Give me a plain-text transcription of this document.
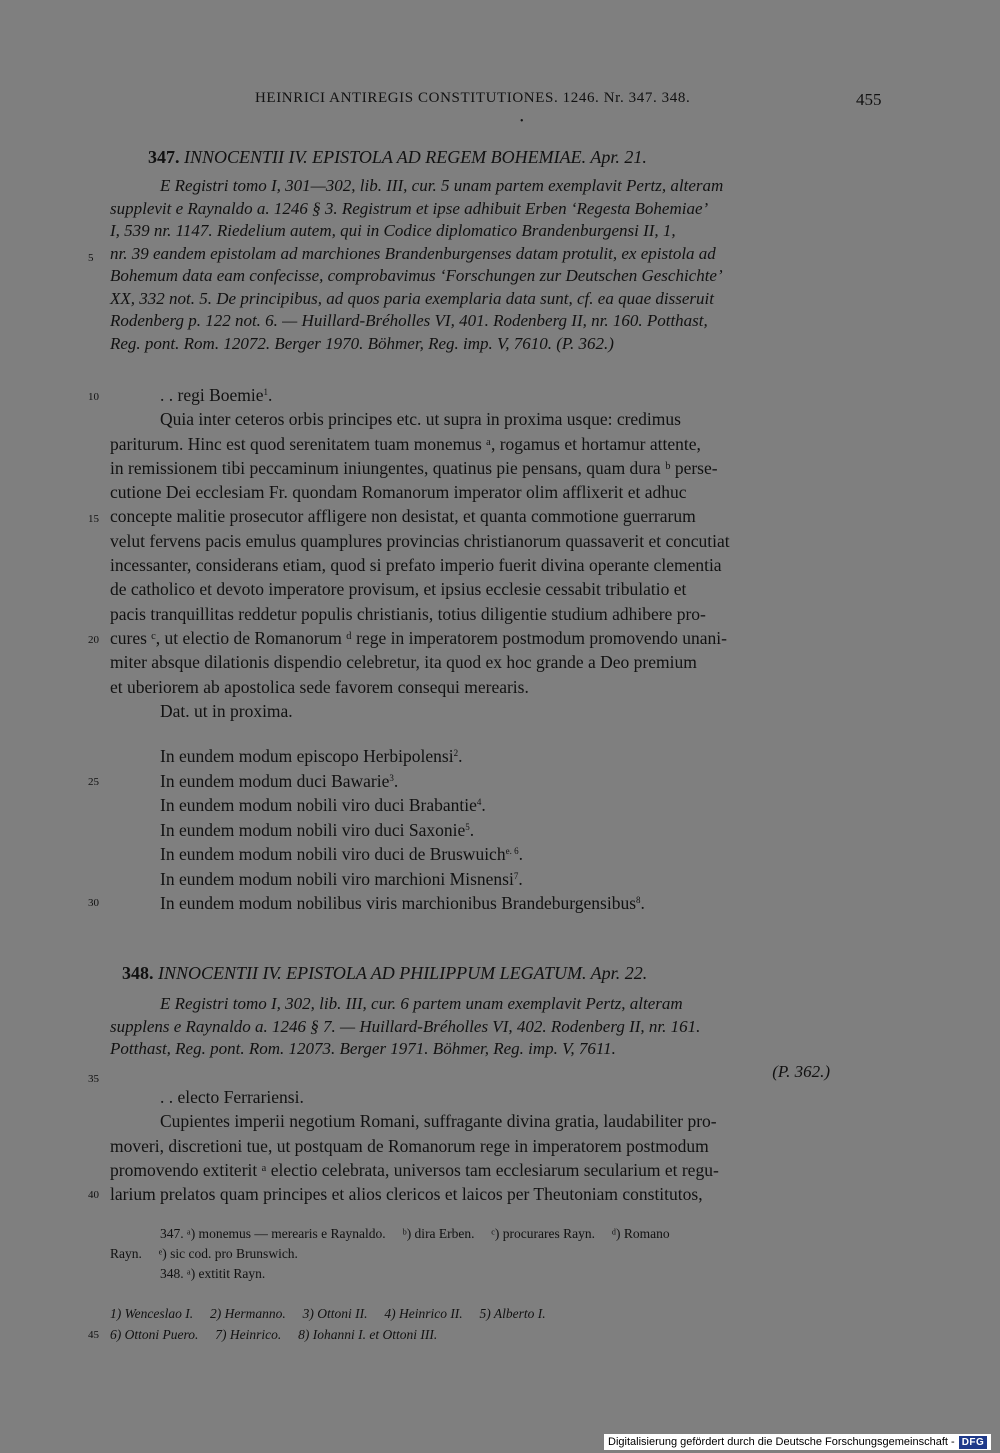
HEINRICI ANTIREGIS CONSTITUTIONES. 1246. Nr. 347. 348.	455
•
5
10
15
20
25
30
35
40
45
347. INNOCENTII IV. EPISTOLA AD REGEM BOHEMIAE. Apr. 21.
E Registri tomo I, 301—302, lib. III, cur. 5 unam partem exemplavit Pertz, alteram
supplevit e Raynaldo a. 1246 § 3. Registrum et ipse adhibuit Erben ‘Regesta Bohemiae’
I, 539 nr. 1147. Riedelium autem, qui in Codice diplomatico Brandenburgensi II, 1,
nr. 39 eandem epistolam ad marchiones Brandenburgenses datam protulit, ex epistola ad
Bohemum data eam confecisse, comprobavimus ‘Forschungen zur Deutschen Geschichte’
XX, 332 not. 5. De principibus, ad quos paria exemplaria data sunt, cf. ea quae disseruit
Rodenberg p. 122 not. 6. — Huillard-Bréholles VI, 401. Rodenberg II, nr. 160. Potthast,
Reg. pont. Rom. 12072. Berger 1970. Böhmer, Reg. imp. V, 7610. (P. 362.)
. . regi Boemie$^1$.
Quia inter ceteros orbis principes etc. ut supra in proxima usque: credimus
pariturum. Hinc est quod serenitatem tuam monemus ᵃ, rogamus et hortamur attente,
in remissionem tibi peccaminum iniungentes, quatinus pie pensans, quam dura ᵇ perse-
cutione Dei ecclesiam Fr. quondam Romanorum imperator olim afflixerit et adhuc
concepte malitie prosecutor affligere non desistat, et quanta commotione guerrarum
velut fervens pacis emulus quamplures provincias christianorum quassaverit et concutiat
incessanter, considerans etiam, quod si prefato imperio fuerit divina operante clementia
de catholico et devoto imperatore provisum, et ipsius ecclesie cessabit tribulatio et
pacis tranquillitas reddetur populis christianis, totius diligentie studium adhibere pro-
cures ᶜ, ut electio de Romanorum ᵈ rege in imperatorem postmodum promovendo unani-
miter absque dilationis dispendio celebretur, ita quod ex hoc grande a Deo premium
et uberiorem ab apostolica sede favorem consequi merearis.
Dat. ut in proxima.
In eundem modum episcopo Herbipolensi$^2$.
In eundem modum duci Bawarie$^3$.
In eundem modum nobili viro duci Brabantie$^4$.
In eundem modum nobili viro duci Saxonie$^5$.
In eundem modum nobili viro duci de Bruswuich$^{e. 6}$.
In eundem modum nobili viro marchioni Misnensi$^7$.
In eundem modum nobilibus viris marchionibus Brandeburgensibus$^8$.
348. INNOCENTII IV. EPISTOLA AD PHILIPPUM LEGATUM. Apr. 22.
E Registri tomo I, 302, lib. III, cur. 6 partem unam exemplavit Pertz, alteram
supplens e Raynaldo a. 1246 § 7. — Huillard-Bréholles VI, 402. Rodenberg II, nr. 161.
Potthast, Reg. pont. Rom. 12073. Berger 1971. Böhmer, Reg. imp. V, 7611.
(P. 362.)
. . electo Ferrariensi.
Cupientes imperii negotium Romani, suffragante divina gratia, laudabiliter pro-
moveri, discretioni tue, ut postquam de Romanorum rege in imperatorem postmodum
promovendo extiterit ᵃ electio celebrata, universos tam ecclesiarum secularium et regu-
larium prelatos quam principes et alios clericos et laicos per Theutoniam constitutos,
347. ᵃ) monemus — merearis e Raynaldo.     ᵇ) dira Erben.     ᶜ) procurares Rayn.     ᵈ) Romano
Rayn.     ᵉ) sic cod. pro Brunswich.
348. ᵃ) extitit Rayn.
1) Wenceslao I.     2) Hermanno.     3) Ottoni II.     4) Heinrico II.     5) Alberto I.
6) Ottoni Puero.     7) Heinrico.     8) Iohanni I. et Ottoni III.
Digitalisierung gefördert durch die Deutsche Forschungsgemeinschaft - DFG
